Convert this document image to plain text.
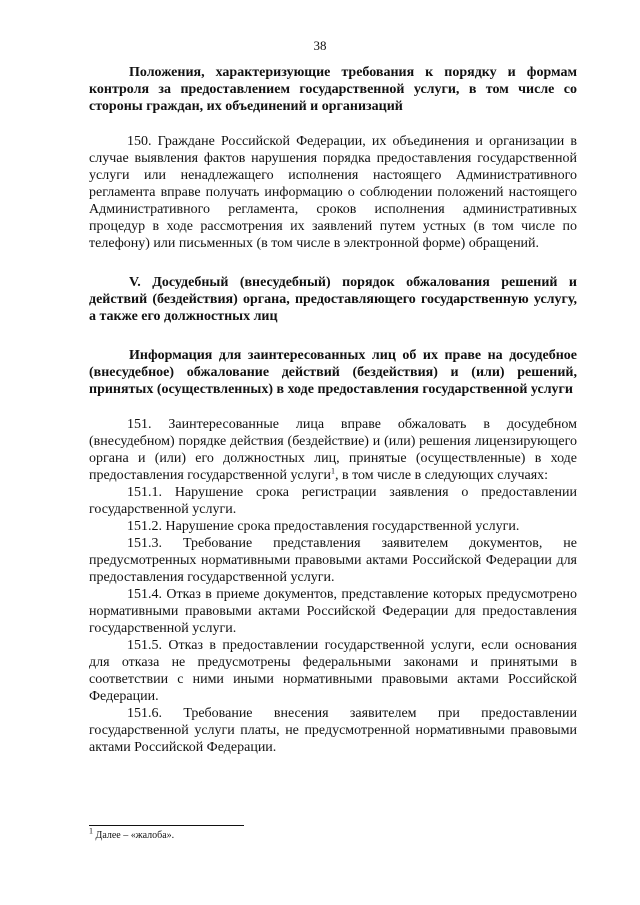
38
Положения, характеризующие требования к порядку и формам контроля за предоставлением государственной услуги, в том числе со стороны граждан, их объединений и организаций

150. Граждане Российской Федерации, их объединения и организации в случае выявления фактов нарушения порядка предоставления государственной услуги или ненадлежащего исполнения настоящего Административного регламента вправе получать информацию о соблюдении положений настоящего Административного регламента, сроков исполнения административных процедур в ходе рассмотрения их заявлений путем устных (в том числе по телефону) или письменных (в том числе в электронной форме) обращений.

V. Досудебный (внесудебный) порядок обжалования решений и действий (бездействия) органа, предоставляющего государственную услугу, а также его должностных лиц
Информация для заинтересованных лиц об их праве на досудебное (внесудебное) обжалование действий (бездействия) и (или) решений, принятых (осуществленных) в ходе предоставления государственной услуги

151. Заинтересованные лица вправе обжаловать в досудебном (внесудебном) порядке действия (бездействие) и (или) решения лицензирующего органа и (или) его должностных лиц, принятые (осуществленные) в ходе предоставления государственной услуги$^1$, в том числе в следующих случаях:

151.1. Нарушение срока регистрации заявления о предоставлении государственной услуги.

151.2. Нарушение срока предоставления государственной услуги.

151.3. Требование представления заявителем документов, не предусмотренных нормативными правовыми актами Российской Федерации для предоставления государственной услуги.

151.4. Отказ в приеме документов, представление которых предусмотрено нормативными правовыми актами Российской Федерации для предоставления государственной услуги.

151.5. Отказ в предоставлении государственной услуги, если основания для отказа не предусмотрены федеральными законами и принятыми в соответствии с ними иными нормативными правовыми актами Российской Федерации.

151.6. Требование внесения заявителем при предоставлении государственной услуги платы, не предусмотренной нормативными правовыми актами Российской Федерации.

$^1$ Далее – «жалоба».
